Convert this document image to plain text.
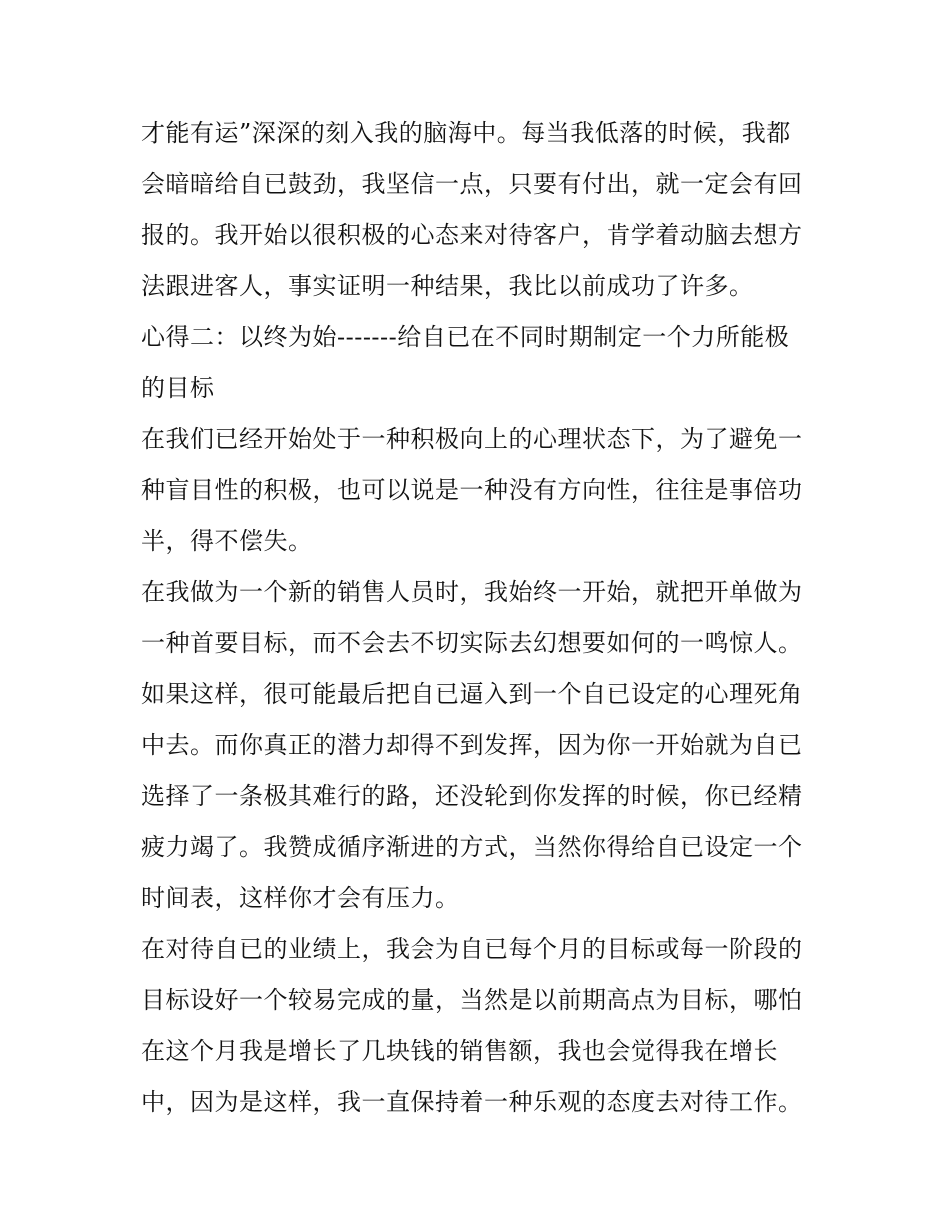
才能有运”深深的刻入我的脑海中。每当我低落的时候，我都
会暗暗给自已鼓劲，我坚信一点，只要有付出，就一定会有回
报的。我开始以很积极的心态来对待客户，肯学着动脑去想方
法跟进客人，事实证明一种结果，我比以前成功了许多。
心得二：以终为始-------给自已在不同时期制定一个力所能极
的目标
在我们已经开始处于一种积极向上的心理状态下，为了避免一
种盲目性的积极，也可以说是一种没有方向性，往往是事倍功
半，得不偿失。
在我做为一个新的销售人员时，我始终一开始，就把开单做为
一种首要目标，而不会去不切实际去幻想要如何的一鸣惊人。
如果这样，很可能最后把自已逼入到一个自已设定的心理死角
中去。而你真正的潜力却得不到发挥，因为你一开始就为自已
选择了一条极其难行的路，还没轮到你发挥的时候，你已经精
疲力竭了。我赞成循序渐进的方式，当然你得给自已设定一个
时间表，这样你才会有压力。
在对待自已的业绩上，我会为自已每个月的目标或每一阶段的
目标设好一个较易完成的量，当然是以前期高点为目标，哪怕
在这个月我是增长了几块钱的销售额，我也会觉得我在增长
中，因为是这样，我一直保持着一种乐观的态度去对待工作。
